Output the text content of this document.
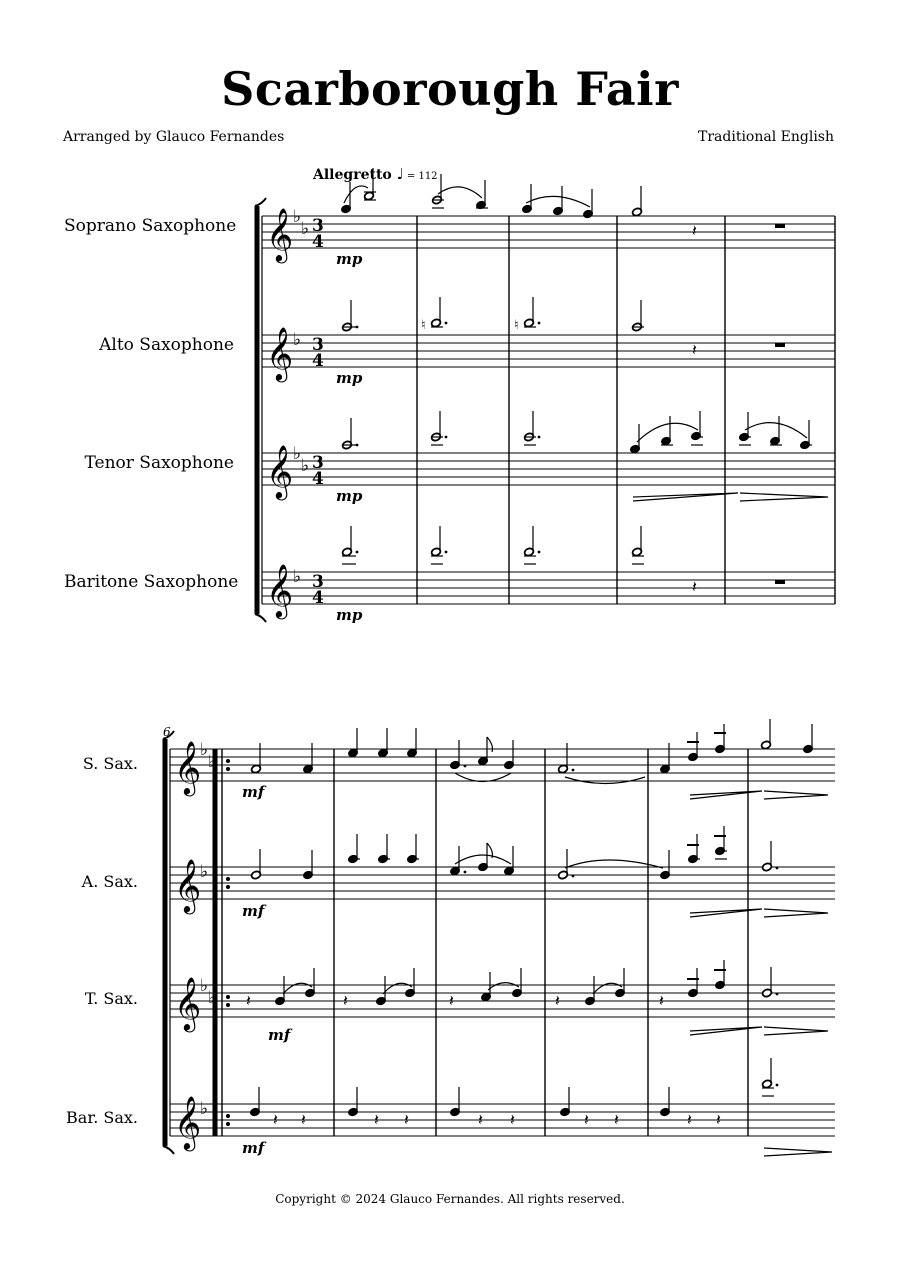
Scarborough Fair
Arranged by Glauco Fernandes	Traditional English
Allegretto ♩ = 112
Soprano Saxophone
Alto Saxophone
Tenor Saxophone
Baritone Saxophone
S. Sax.
A. Sax.
T. Sax.
Bar. Sax.
𝄞
𝄞
𝄞
𝄞
𝄞
𝄞
𝄞
𝄞
♭
♭
♭
♭
♭
♭
♭
♭
♭
♭
♭
♭
3
4
3
4
3
4
3
4
6
𝄽
♮	♮
𝄽
𝄽
𝄽	𝄽	𝄽	𝄽	𝄽
𝄽 𝄽	𝄽 𝄽	𝄽 𝄽	𝄽 𝄽	𝄽 𝄽
mp
mp
mp
mp
mf
mf
mf
mf
Copyright © 2024 Glauco Fernandes. All rights reserved.
